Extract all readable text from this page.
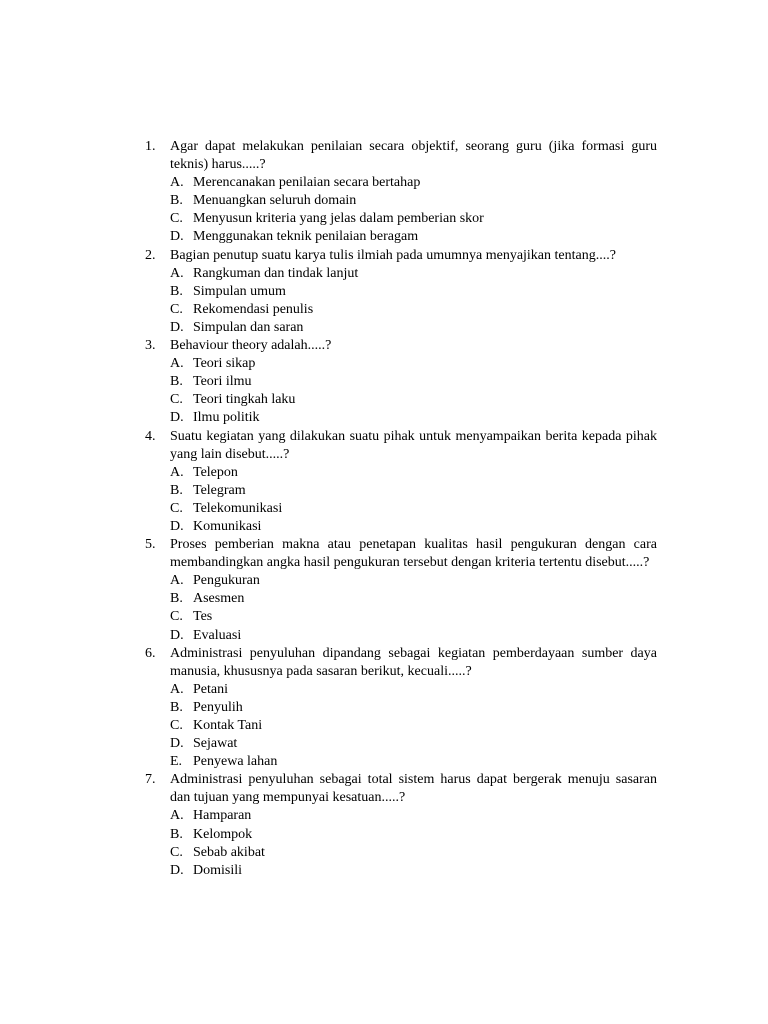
1. Agar dapat melakukan penilaian secara objektif, seorang guru (jika formasi guru teknis) harus.....?
A. Merencanakan penilaian secara bertahap
B. Menuangkan seluruh domain
C. Menyusun kriteria yang jelas dalam pemberian skor
D. Menggunakan teknik penilaian beragam
2. Bagian penutup suatu karya tulis ilmiah pada umumnya menyajikan tentang....?
A. Rangkuman dan tindak lanjut
B. Simpulan umum
C. Rekomendasi penulis
D. Simpulan dan saran
3. Behaviour theory adalah.....?
A. Teori sikap
B. Teori ilmu
C. Teori tingkah laku
D. Ilmu politik
4. Suatu kegiatan yang dilakukan suatu pihak untuk menyampaikan berita kepada pihak yang lain disebut.....?
A. Telepon
B. Telegram
C. Telekomunikasi
D. Komunikasi
5. Proses pemberian makna atau penetapan kualitas hasil pengukuran dengan cara membandingkan angka hasil pengukuran tersebut dengan kriteria tertentu disebut.....?
A. Pengukuran
B. Asesmen
C. Tes
D. Evaluasi
6. Administrasi penyuluhan dipandang sebagai kegiatan pemberdayaan sumber daya manusia, khususnya pada sasaran berikut, kecuali.....?
A. Petani
B. Penyulih
C. Kontak Tani
D. Sejawat
E. Penyewa lahan
7. Administrasi penyuluhan sebagai total sistem harus dapat bergerak menuju sasaran dan tujuan yang mempunyai kesatuan.....?
A. Hamparan
B. Kelompok
C. Sebab akibat
D. Domisili
